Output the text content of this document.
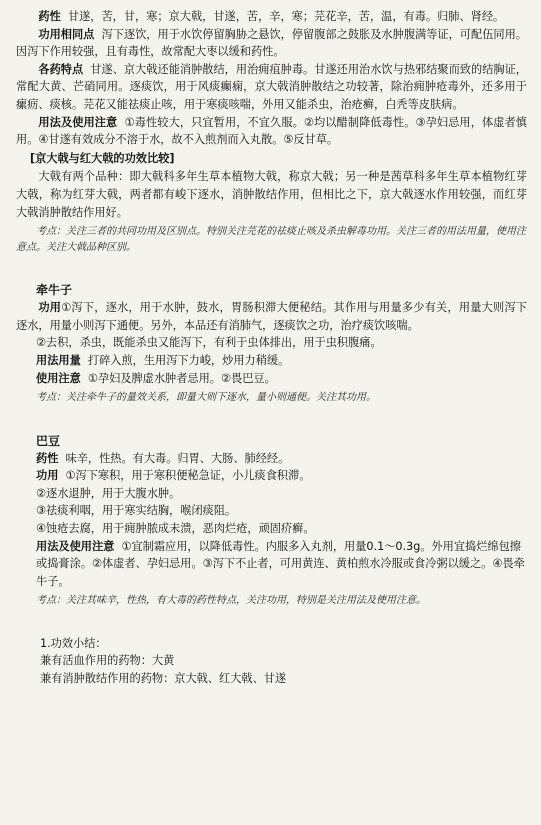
药性 甘遂，苦，甘，寒；京大戟，甘遂，苦，辛，寒；芫花辛，苦，温，有毒。归肺、肾经。

功用相同点 泻下逐饮，用于水饮停留胸胁之悬饮，停留腹部之鼓胀及水肿腹满等证，可配伍同用。因泻下作用较强，且有毒性，故常配大枣以缓和药性。

各药特点 甘遂、京大戟还能消肿散结，用治痈疽肿毒。甘遂还用治水饮与热邪结聚而致的结胸证，常配大黄、芒硝同用。逐痰饮，用于风痰癫痫，京大戟消肿散结之功较著，除治痈肿疮毒外，还多用于瘰疬、痰核。芫花又能祛痰止咳，用于寒痰咳喘，外用又能杀虫，治疮癣，白秃等皮肤病。

用法及使用注意 ①毒性较大，只宜暂用，不宜久服。②均以醋制降低毒性。③孕妇忌用，体虚者慎用。④甘遂有效成分不溶于水，故不入煎剂而入丸散。⑤反甘草。

[京大戟与红大戟的功效比较]

大戟有两个品种：即大戟科多年生草本植物大戟，称京大戟；另一种是茜草科多年生草本植物红芽大戟，称为红芽大戟，两者都有峻下逐水，消肿散结作用，但相比之下，京大戟逐水作用较强，而红芽大戟消肿散结作用好。

考点：关注三者的共同功用及区别点。特别关注芫花的祛痰止咳及杀虫解毒功用。关注三者的用法用量，使用注意点。关注大戟品种区别。

牵牛子

功用①泻下，逐水，用于水肿，鼓水，胃肠积滞大便秘结。其作用与用量多少有关，用量大则泻下逐水，用量小则泻下通便。另外，本品还有消肺气，逐痰饮之功，治疗痰饮咳喘。

②去积，杀虫，既能杀虫又能泻下，有利于虫体排出，用于虫积腹痛。

用法用量 打碎入煎，生用泻下力峻，炒用力稍缓。

使用注意 ①孕妇及脾虚水肿者忌用。②畏巴豆。

考点：关注牵牛子的量效关系，即量大则下逐水，量小则通便。关注其功用。

巴豆

药性 味辛，性热。有大毒。归胃、大肠、肺经经。

功用 ①泻下寒积，用于寒积便秘急证，小儿痰食积滞。

②逐水退肿，用于大腹水肿。

③祛痰利咽，用于寒实结胸，喉闭痰阻。

④蚀疮去腐，用于痈肿脓成未溃，恶肉烂疮，顽固疥癣。

用法及使用注意 ①宜制霜应用，以降低毒性。内服多入丸剂，用量0.1～0.3g。外用宜捣烂绵包擦或捣膏涂。②体虚者、孕妇忌用。③泻下不止者，可用黄连、黄柏煎水冷服或食冷粥以缓之。④畏牵牛子。

考点：关注其味辛，性热，有大毒的药性特点，关注功用，特别是关注用法及使用注意。

1.功效小结：

兼有活血作用的药物：大黄

兼有消肿散结作用的药物：京大戟、红大戟、甘遂
